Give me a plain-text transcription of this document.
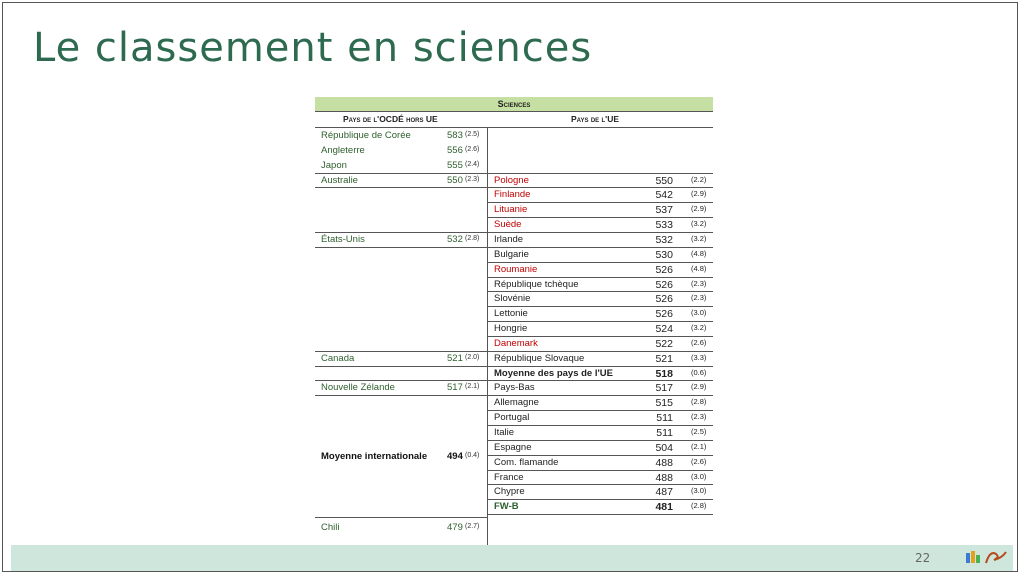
Le classement en sciences
Sciences
Pays de l'OCDÉ hors UE	Pays de l'UE
Pologne	550 (2.2)
Finlande	542 (2.9)
Lituanie	537 (2.9)
Suède	533 (3.2)
Irlande	532 (3.2)
Bulgarie	530 (4.8)
Roumanie	526 (4.8)
République tchèque	526 (2.3)
Slovénie	526 (2.3)
Lettonie	526 (3.0)
Hongrie	524 (3.2)
Danemark	522 (2.6)
République Slovaque	521 (3.3)
Moyenne des pays de l'UE	518 (0.6)
Pays-Bas	517 (2.9)
Allemagne	515 (2.8)
Portugal	511 (2.3)
Italie	511 (2.5)
Espagne	504 (2.1)
Com. flamande	488 (2.6)
France	488 (3.0)
Chypre	487 (3.0)
FW-B	481 (2.8)
République de Corée	583 (2.5)
Angleterre	556 (2.6)
Japon	555 (2.4)
Australie	550 (2.3)
États-Unis	532 (2.8)
Canada	521 (2.0)
Nouvelle Zélande	517 (2.1)
Moyenne internationale 494 (0.4)
Chili	479 (2.7)
22
